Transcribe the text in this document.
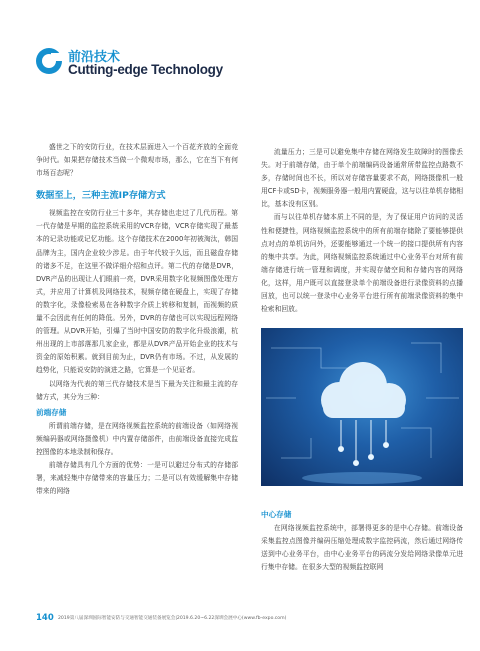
前沿技术
Cutting-edge Technology

盛世之下的安防行业，在技术层面进入一个百花齐放的全面竞争时代。如果把存储技术当做一个微观市场，那么，它在当下有何市场百态呢？

数据至上，三种主流IP存储方式

视频监控在安防行业三十多年，其存储也走过了几代历程。第一代存储是早期的监控系统采用的VCR存储，VCR存储实现了最基本的记录功能或记忆功能。这个存储技术在2000年初被淘汰，韩国品牌为主，国内企业较少涉足。由于年代较于久远，而且磁盘存储的诸多不足，在这里不做详细介绍和点评。第二代的存储是DVR，DVR产品的出现让人们眼前一亮，DVR采用数字化视频图像处理方式，并应用了计算机及网络技术，视频存储在硬盘上，实现了存储的数字化，录像检索易在各种数字介质上转移和复制，而视频的质量不会因此有任何的降低。另外，DVR的存储也可以实现远程网络的管理。从DVR开始，引爆了当时中国安防的数字化升级浪潮，杭州出现的上市部落那几家企业，都是从DVR产品开始企业的技术与资金的原始积累。就到目前为止，DVR仍有市场。不过，从发展的趋势化，只能说安防的演进之路，它算是一个见证者。

以网络为代表的第三代存储技术是当下最为关注和最主流的存储方式，其分为三种：

前端存储

所谓前端存储，是在网络视频监控系统的前端设备（如网络视频编码器或网络摄像机）中内置存储部件，由前端设备直接完成监控图像的本地录制和保存。

前端存储具有几个方面的优势：一是可以避过分布式的存储部署，来减轻集中存储带来的容量压力；二是可以有效缓解集中存储带来的网络

流量压力；三是可以避免集中存储在网络发生故障时的图像丢失。对于前端存储，由于单个前端编码设备通常所带监控点路数不多，存储时间也不长，所以对存储容量要求不高，网络摄像机一般用CF卡或SD卡，视频服务器一般用内置硬盘，这与以往单机存储相比，基本没有区别。

而与以往单机存储本质上不同的是，为了保证用户访问的灵活性和便捷性，网络视频监控系统中的所有前端存储除了要能够提供点对点的单机访问外，还要能够通过一个统一的接口提供所有内容的集中共享。为此，网络视频监控系统通过中心业务平台对所有前端存储进行统一管理和调度，并实现存储空间和存储内容的网络化，这样，用户既可以直接登录单个前端设备进行录像资料的点播回放，也可以统一登录中心业务平台进行所有前端录像资料的集中检索和回放。

中心存储

在网络视频监控系统中，部署得更多的是中心存储。前端设备采集监控点图像并编码压缩处理成数字监控码流，然后通过网络传送到中心业务平台，由中心业务平台的码流分发给网络录像单元进行集中存储。在很多大型的视频监控联网

140 2019第八届深圳国际智能安防与交通智能交通装备展览会|2019.6.20~6.22深圳会展中心(www.fb-expo.com)
